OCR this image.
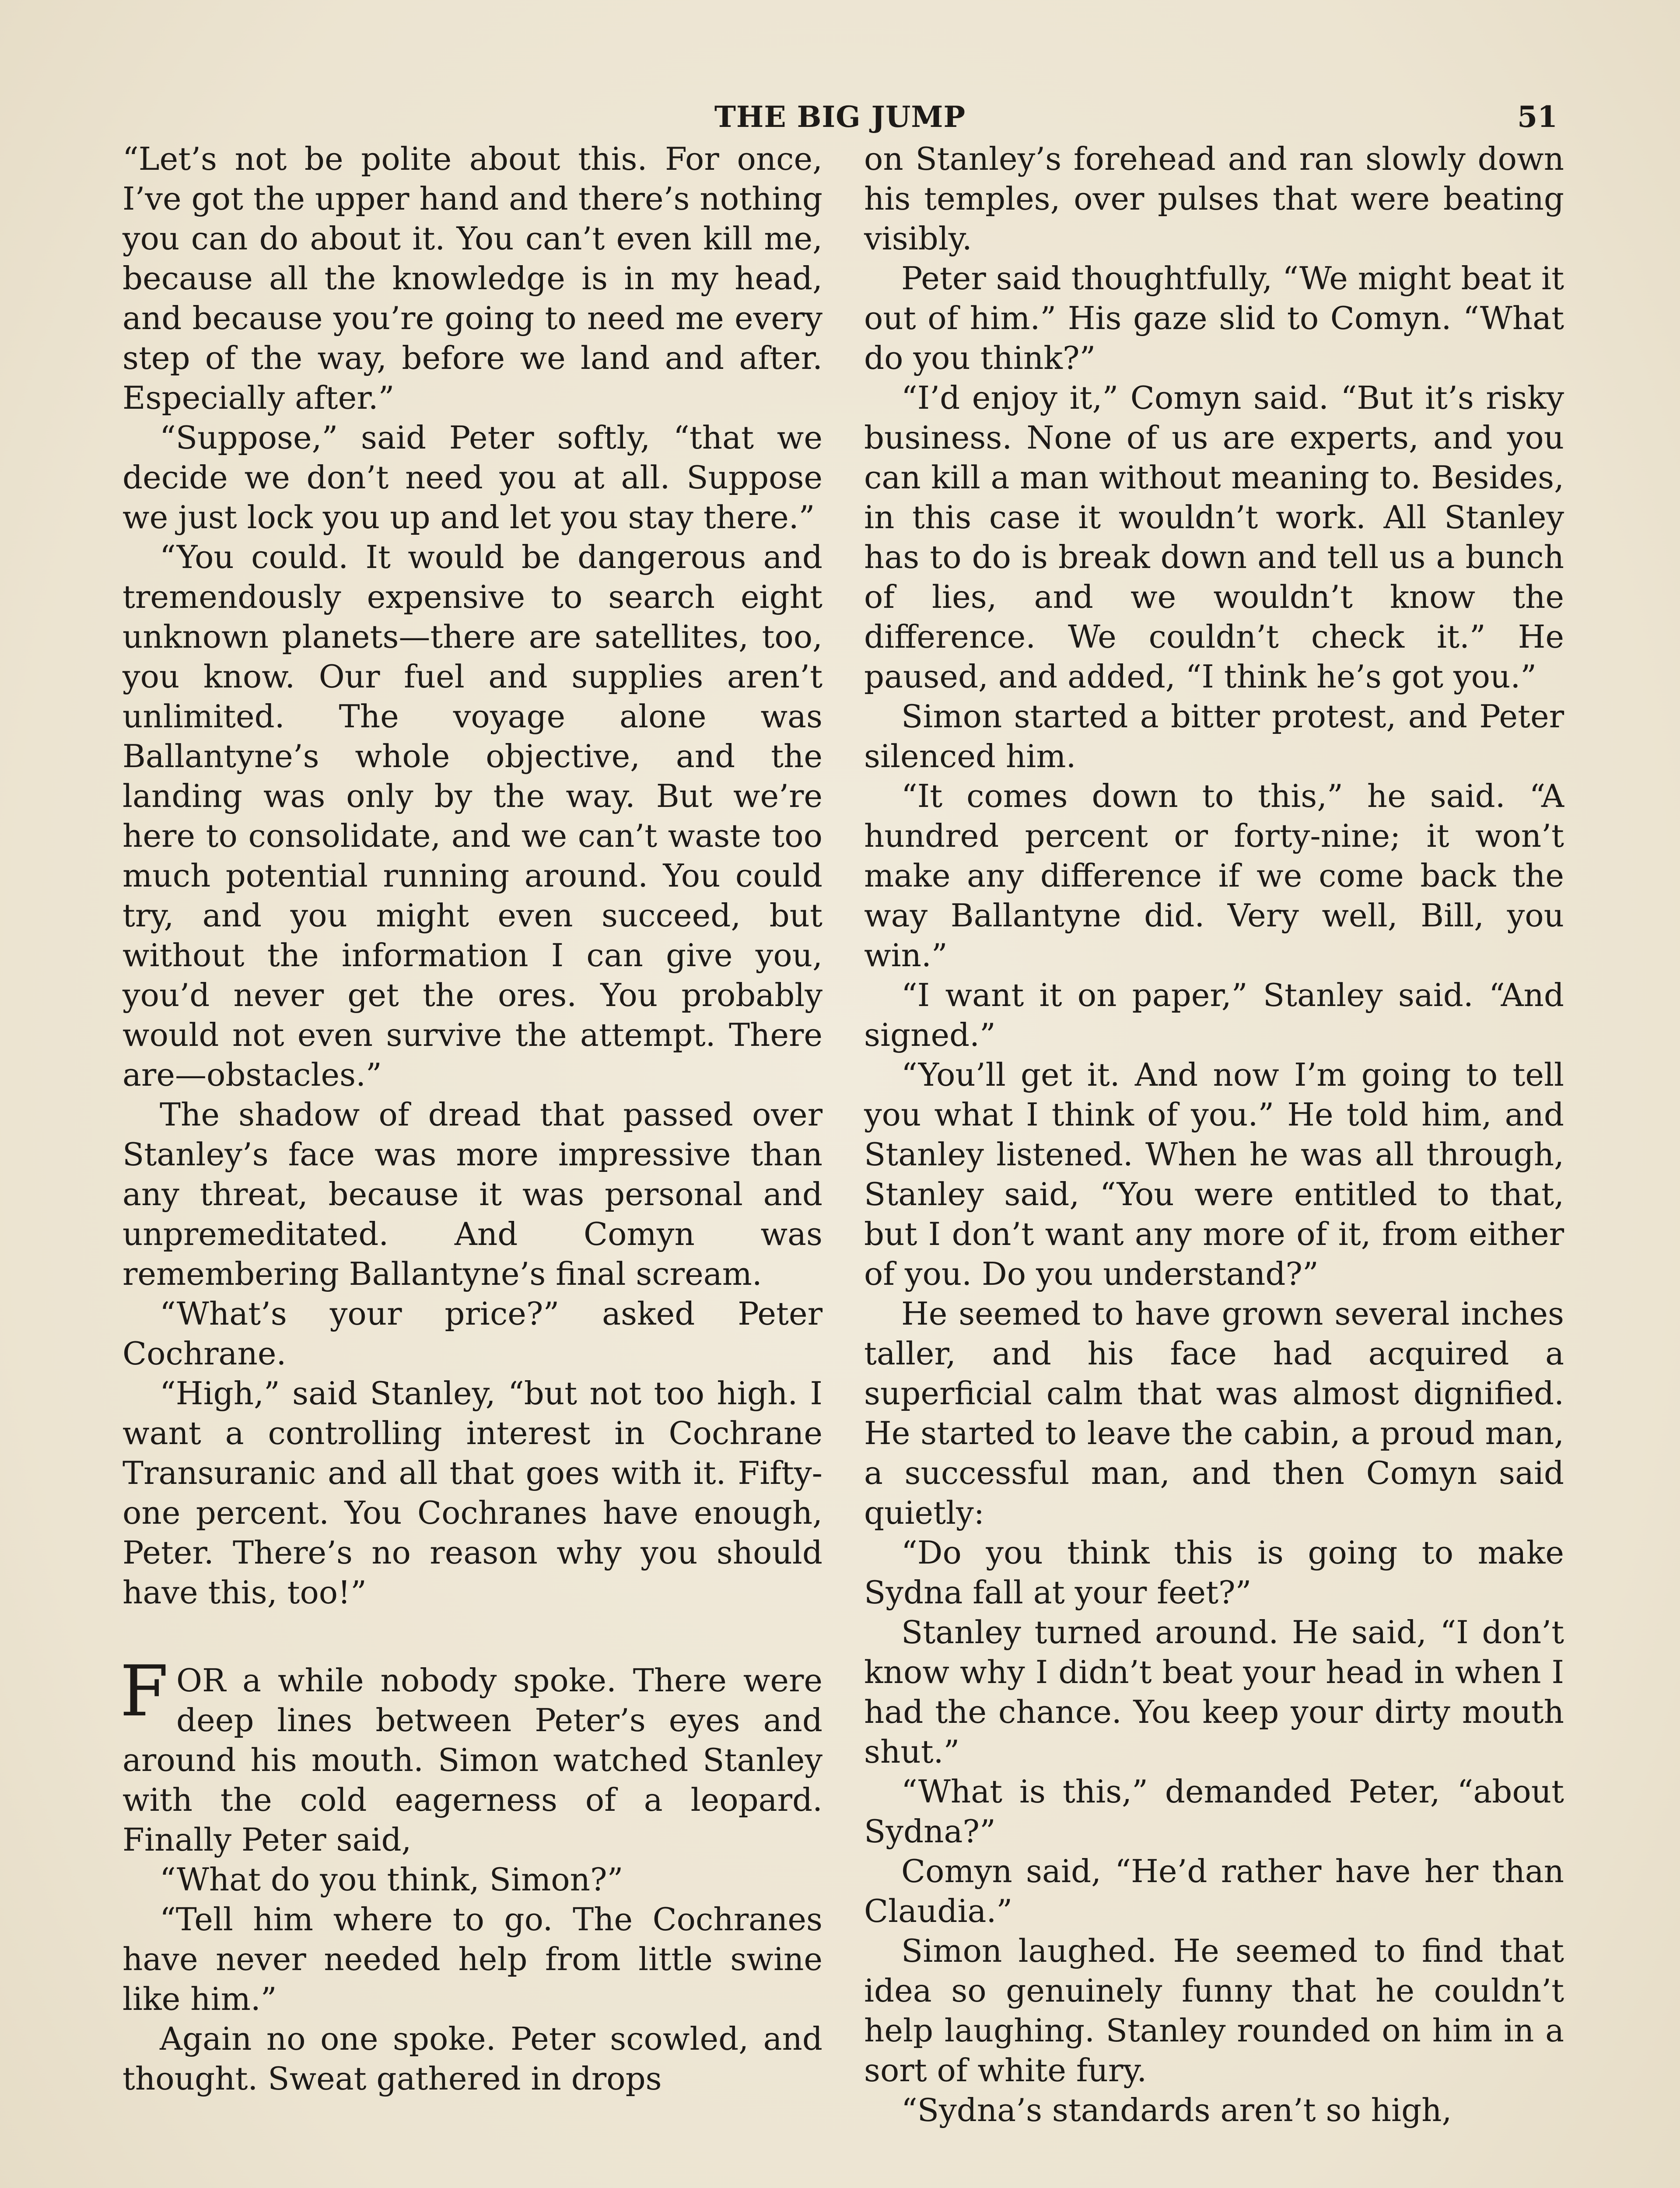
THE BIG JUMP	51

“Let’s not be polite about this. For once, I’ve got the upper hand and there’s nothing you can do about it. You can’t even kill me, because all the knowledge is in my head, and because you’re going to need me every step of the way, before we land and after. Especially after.”

“Suppose,” said Peter softly, “that we decide we don’t need you at all. Suppose we just lock you up and let you stay there.”

“You could. It would be dangerous and tremendously expensive to search eight unknown planets—there are satellites, too, you know. Our fuel and supplies aren’t unlimited. The voyage alone was Ballantyne’s whole objective, and the landing was only by the way. But we’re here to consolidate, and we can’t waste too much potential running around. You could try, and you might even succeed, but without the information I can give you, you’d never get the ores. You probably would not even survive the attempt. There are—obstacles.”

The shadow of dread that passed over Stanley’s face was more impressive than any threat, because it was personal and unpremeditated. And Comyn was remembering Ballantyne’s final scream.

“What’s your price?” asked Peter Cochrane.

“High,” said Stanley, “but not too high. I want a controlling interest in Cochrane Transuranic and all that goes with it. Fifty-one percent. You Cochranes have enough, Peter. There’s no reason why you should have this, too!”

FOR a while nobody spoke. There were deep lines between Peter’s eyes and around his mouth. Simon watched Stanley with the cold eagerness of a leopard. Finally Peter said,

“What do you think, Simon?”

“Tell him where to go. The Cochranes have never needed help from little swine like him.”

Again no one spoke. Peter scowled, and thought. Sweat gathered in drops

on Stanley’s forehead and ran slowly down his temples, over pulses that were beating visibly.

Peter said thoughtfully, “We might beat it out of him.” His gaze slid to Comyn. “What do you think?”

“I’d enjoy it,” Comyn said. “But it’s risky business. None of us are experts, and you can kill a man without meaning to. Besides, in this case it wouldn’t work. All Stanley has to do is break down and tell us a bunch of lies, and we wouldn’t know the difference. We couldn’t check it.” He paused, and added, “I think he’s got you.”

Simon started a bitter protest, and Peter silenced him.

“It comes down to this,” he said. “A hundred percent or forty-nine; it won’t make any difference if we come back the way Ballantyne did. Very well, Bill, you win.”

“I want it on paper,” Stanley said. “And signed.”

“You’ll get it. And now I’m going to tell you what I think of you.” He told him, and Stanley listened. When he was all through, Stanley said, “You were entitled to that, but I don’t want any more of it, from either of you. Do you understand?”

He seemed to have grown several inches taller, and his face had acquired a superficial calm that was almost dignified. He started to leave the cabin, a proud man, a successful man, and then Comyn said quietly:

“Do you think this is going to make Sydna fall at your feet?”

Stanley turned around. He said, “I don’t know why I didn’t beat your head in when I had the chance. You keep your dirty mouth shut.”

“What is this,” demanded Peter, “about Sydna?”

Comyn said, “He’d rather have her than Claudia.”

Simon laughed. He seemed to find that idea so genuinely funny that he couldn’t help laughing. Stanley rounded on him in a sort of white fury.

“Sydna’s standards aren’t so high,
